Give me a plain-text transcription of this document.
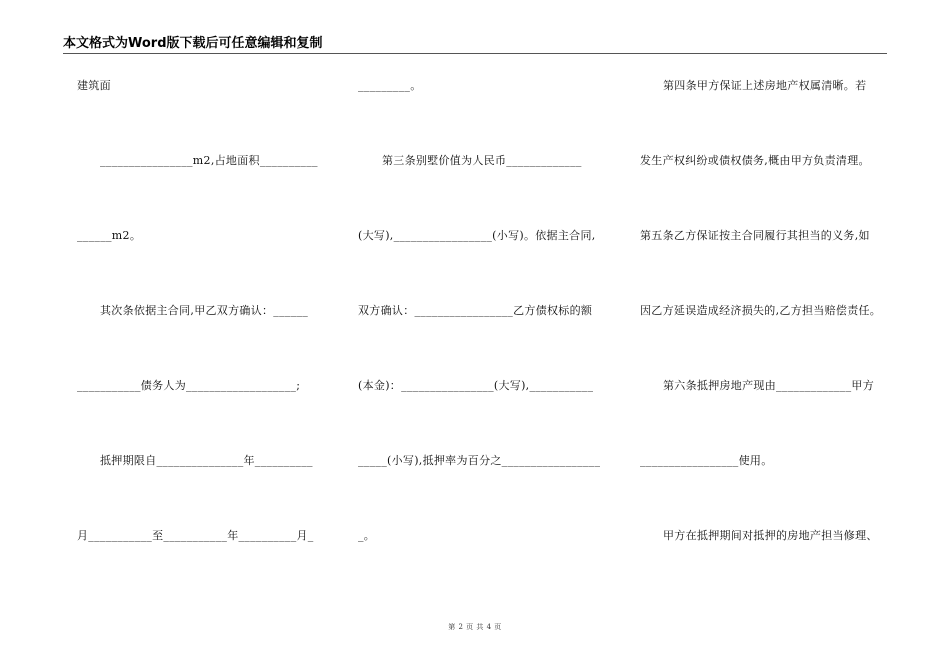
本文格式为Word版下载后可任意编辑和复制
建筑面
________________m2,占地面积__________
______m2。
其次条依据主合同,甲乙双方确认：______
___________债务人为___________________;
抵押期限自_______________年__________
月___________至___________年__________月_
_________。
第三条别墅价值为人民币_____________
(大写),_________________(小写)。依据主合同,
双方确认：_________________乙方债权标的额
(本金)：________________(大写),___________
_____(小写),抵押率为百分之_________________
_。
第四条甲方保证上述房地产权属清晰。若
发生产权纠纷或债权债务,概由甲方负责清理。
第五条乙方保证按主合同履行其担当的义务,如
因乙方延误造成经济损失的,乙方担当赔偿责任。
第六条抵押房地产现由_____________甲方
_________________使用。
甲方在抵押期间对抵押的房地产担当修理、
第 2 页 共 4 页
